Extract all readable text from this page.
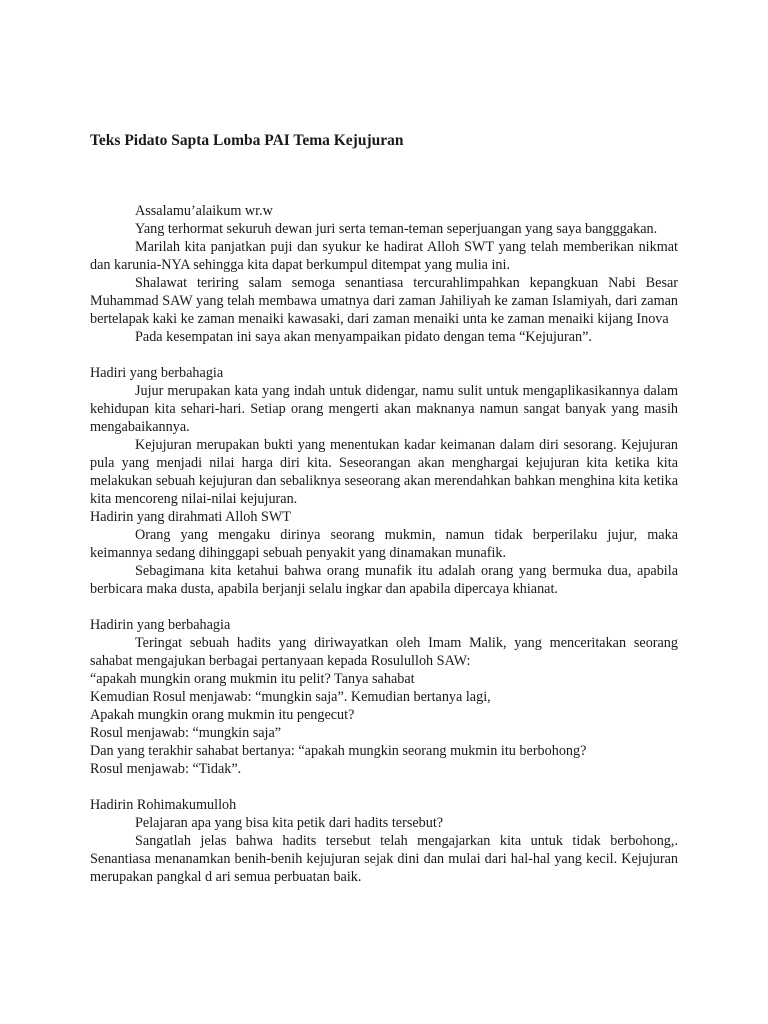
Teks Pidato Sapta Lomba PAI Tema Kejujuran

Assalamu’alaikum wr.w

Yang terhormat sekuruh dewan juri serta teman-teman seperjuangan yang saya bangggakan.

Marilah kita panjatkan puji dan syukur ke hadirat Alloh SWT yang telah memberikan nikmat dan karunia-NYA sehingga kita dapat berkumpul ditempat yang mulia ini.

Shalawat teriring salam semoga senantiasa tercurahlimpahkan kepangkuan Nabi Besar Muhammad SAW yang telah membawa umatnya dari zaman Jahiliyah ke zaman Islamiyah, dari zaman bertelapak kaki ke zaman menaiki kawasaki, dari zaman menaiki unta ke zaman menaiki kijang Inova

Pada kesempatan ini saya akan menyampaikan pidato dengan tema “Kejujuran”.

Hadiri yang berbahagia

Jujur merupakan kata yang indah untuk didengar, namu sulit untuk mengaplikasikannya dalam kehidupan kita sehari-hari. Setiap orang mengerti akan maknanya namun sangat banyak yang masih mengabaikannya.

Kejujuran merupakan bukti yang menentukan kadar keimanan dalam diri sesorang. Kejujuran pula yang menjadi nilai harga diri kita. Seseorangan akan menghargai kejujuran kita ketika kita melakukan sebuah kejujuran dan sebaliknya seseorang akan merendahkan bahkan menghina kita ketika kita mencoreng nilai-nilai kejujuran.

Hadirin yang dirahmati Alloh SWT

Orang yang mengaku dirinya seorang mukmin, namun tidak berperilaku jujur, maka keimannya sedang dihinggapi sebuah penyakit yang dinamakan munafik.

Sebagimana kita ketahui bahwa orang munafik itu adalah orang yang bermuka dua, apabila berbicara maka dusta, apabila berjanji selalu ingkar dan apabila dipercaya khianat.

Hadirin yang berbahagia

Teringat sebuah hadits yang diriwayatkan oleh Imam Malik, yang menceritakan seorang sahabat mengajukan berbagai pertanyaan kepada Rosululloh SAW:

“apakah mungkin orang mukmin itu pelit? Tanya sahabat

Kemudian Rosul menjawab: “mungkin saja”. Kemudian bertanya lagi,

Apakah mungkin orang mukmin itu pengecut?

Rosul menjawab: “mungkin saja”

Dan yang terakhir sahabat bertanya: “apakah mungkin seorang mukmin itu berbohong?

Rosul menjawab: “Tidak”.

Hadirin Rohimakumulloh

Pelajaran apa yang bisa kita petik dari hadits tersebut?

Sangatlah jelas bahwa hadits tersebut telah mengajarkan kita untuk tidak berbohong,. Senantiasa menanamkan benih-benih kejujuran sejak dini dan mulai dari hal-hal yang kecil. Kejujuran merupakan pangkal d ari semua perbuatan baik.
